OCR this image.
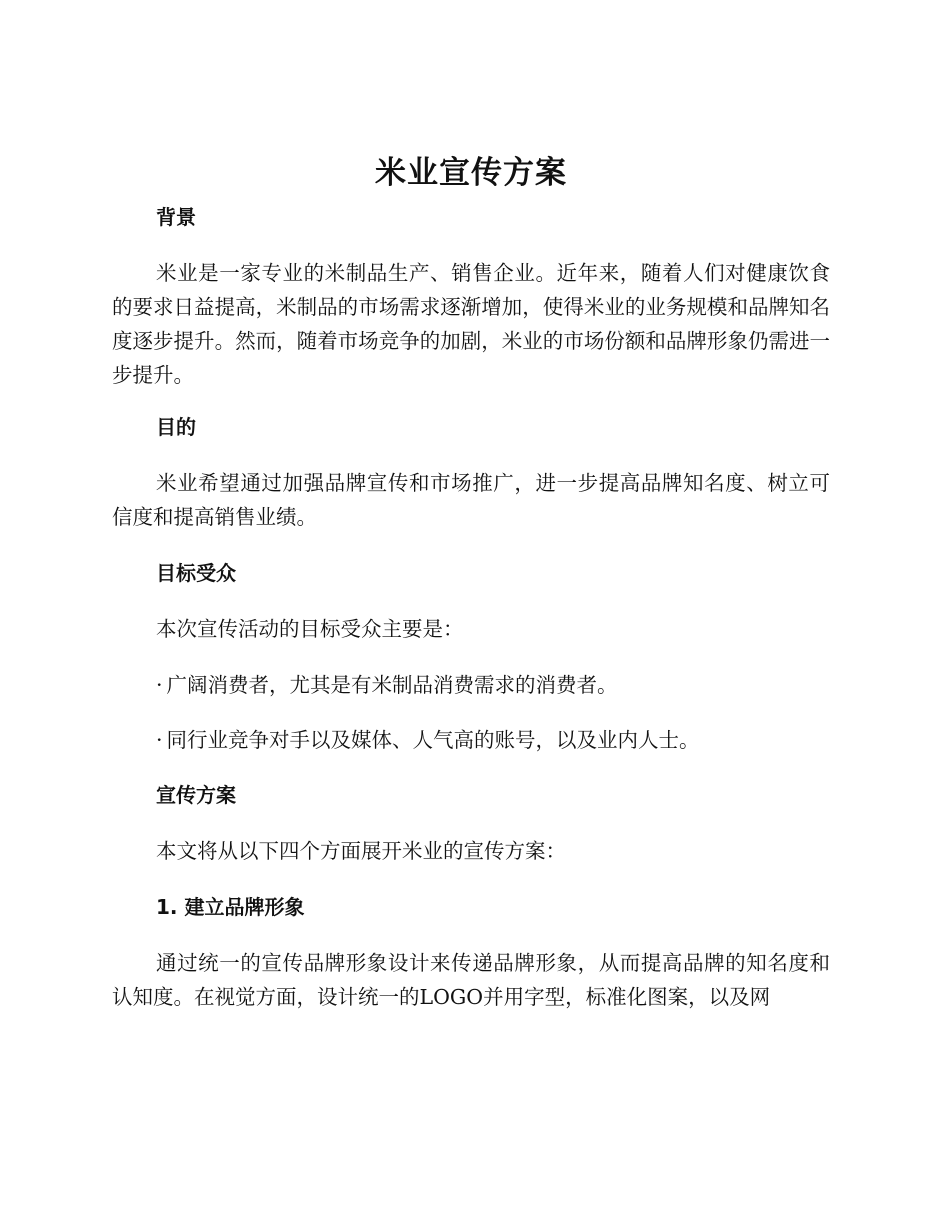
米业宣传方案
背景

米业是一家专业的米制品生产、销售企业。近年来，随着人们对健康饮食的要求日益提高，米制品的市场需求逐渐增加，使得米业的业务规模和品牌知名度逐步提升。然而，随着市场竞争的加剧，米业的市场份额和品牌形象仍需进一步提升。

目的

米业希望通过加强品牌宣传和市场推广，进一步提高品牌知名度、树立可信度和提高销售业绩。

目标受众

本次宣传活动的目标受众主要是：

· 广阔消费者，尤其是有米制品消费需求的消费者。
· 同行业竞争对手以及媒体、人气高的账号，以及业内人士。
宣传方案

本文将从以下四个方面展开米业的宣传方案：

1. 建立品牌形象

通过统一的宣传品牌形象设计来传递品牌形象，从而提高品牌的知名度和认知度。在视觉方面，设计统一的LOGO并用字型，标准化图案，以及网
